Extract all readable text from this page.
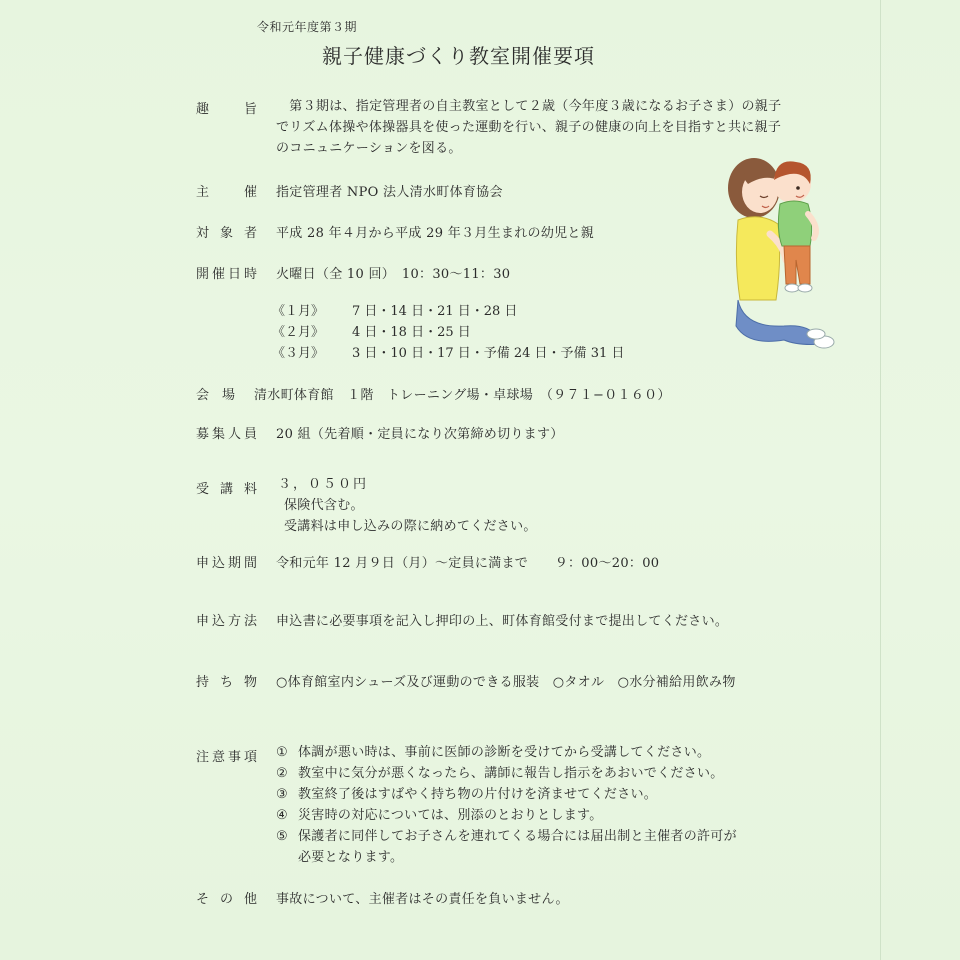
令和元年度第３期
親子健康づくり教室開催要項
趣旨 　第３期は、指定管理者の自主教室として２歳（今年度３歳になるお子さま）の親子
でリズム体操や体操器具を使った運動を行い、親子の健康の向上を目指すと共に親子
のコニュニケーションを図る。
主催 指定管理者 NPO 法人清水町体育協会
対象者 平成 28 年４月から平成 29 年３月生まれの幼児と親
開催日時 火曜日（全 10 回）　10：30〜11：30
《１月》 7 日・14 日・21 日・28 日
《２月》 4 日・18 日・25 日
《３月》 3 日・10 日・17 日・予備 24 日・予備 31 日
会場 清水町体育館　１階　トレーニング場・卓球場　（９７１−０１６０）
募集人員 20 組（先着順・定員になり次第締め切ります）
受講料 ３，０５０円
保険代含む。
受講料は申し込みの際に納めてください。
申込期間 令和元年 12 月９日（月）〜定員に満まで　　９：00〜20：00
申込方法 申込書に必要事項を記入し押印の上、町体育館受付まで提出してください。
持ち物 ○体育館室内シューズ及び運動のできる服装　○タオル　○水分補給用飲み物
注意事項 ① 体調が悪い時は、事前に医師の診断を受けてから受講してください。
② 教室中に気分が悪くなったら、講師に報告し指示をあおいでください。
③ 教室終了後はすばやく持ち物の片付けを済ませてください。
④ 災害時の対応については、別添のとおりとします。
⑤ 保護者に同伴してお子さんを連れてくる場合には届出制と主催者の許可が
必要となります。
その他 事故について、主催者はその責任を負いません。
